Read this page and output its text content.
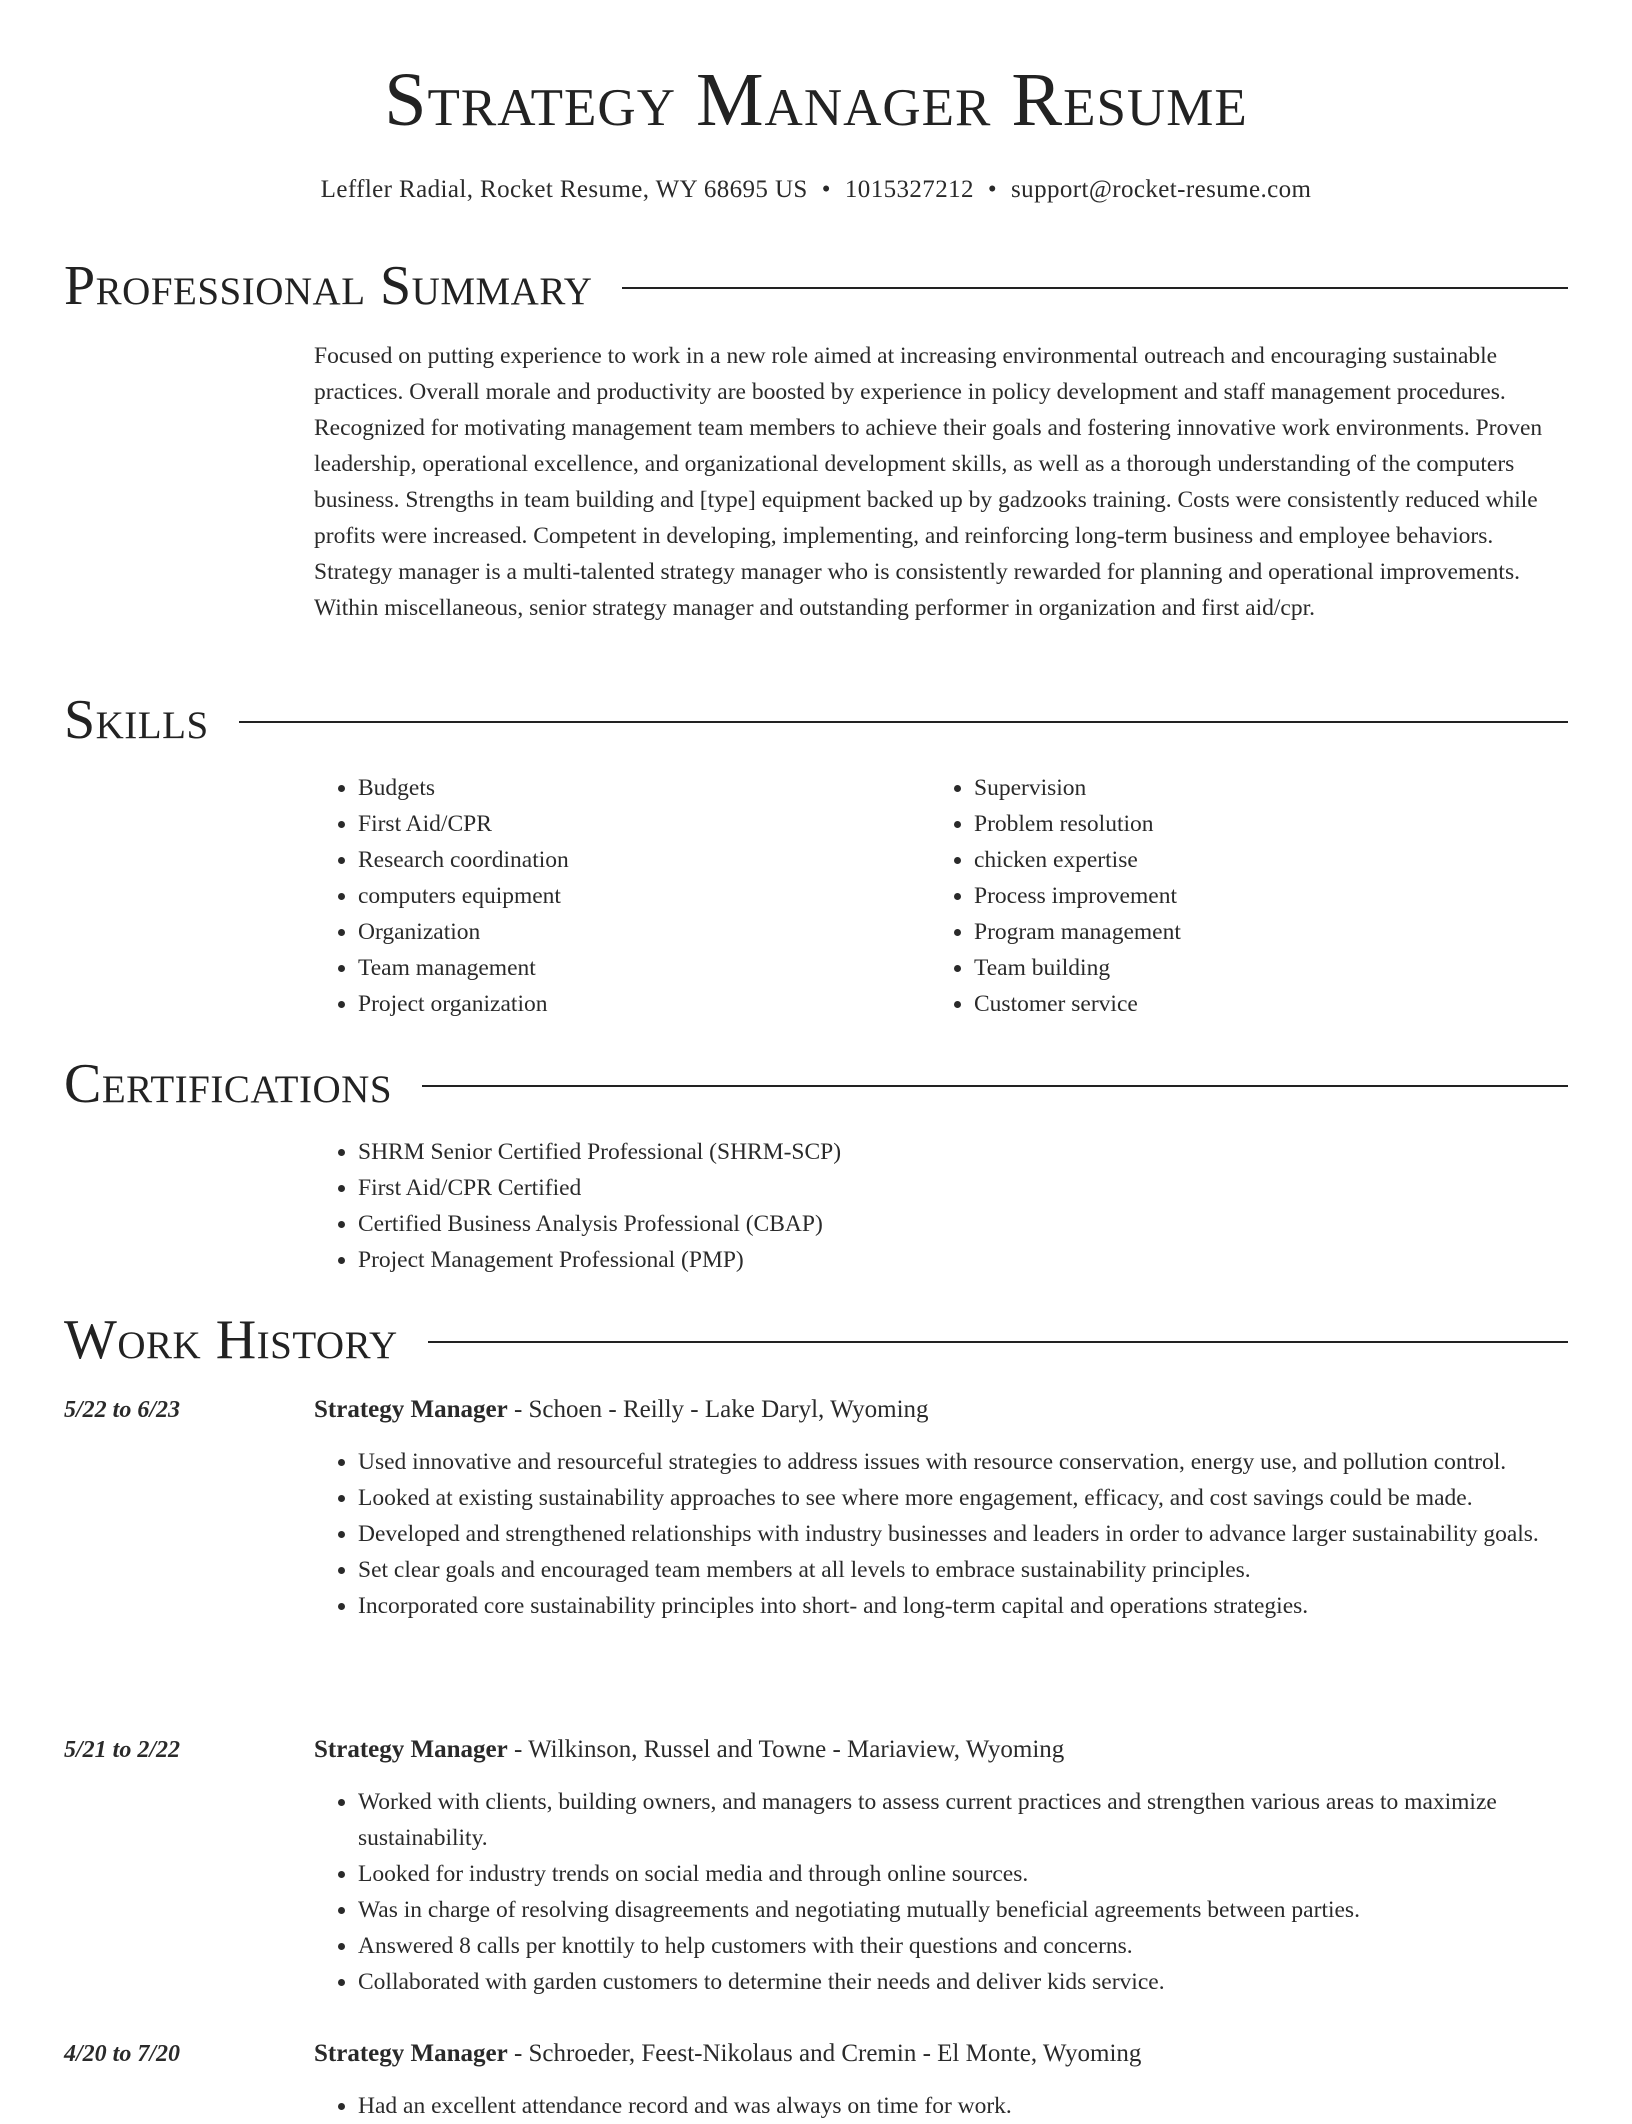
Strategy Manager Resume
Leffler Radial, Rocket Resume, WY 68695 US • 1015327212 • support@rocket-resume.com
Professional Summary
Focused on putting experience to work in a new role aimed at increasing environmental outreach and encouraging sustainable practices. Overall morale and productivity are boosted by experience in policy development and staff management procedures. Recognized for motivating management team members to achieve their goals and fostering innovative work environments. Proven leadership, operational excellence, and organizational development skills, as well as a thorough understanding of the computers business. Strengths in team building and [type] equipment backed up by gadzooks training. Costs were consistently reduced while profits were increased. Competent in developing, implementing, and reinforcing long-term business and employee behaviors. Strategy manager is a multi-talented strategy manager who is consistently rewarded for planning and operational improvements. Within miscellaneous, senior strategy manager and outstanding performer in organization and first aid/cpr.
Skills
• Budgets
• First Aid/CPR
• Research coordination
• computers equipment
• Organization
• Team management
• Project organization
• Supervision
• Problem resolution
• chicken expertise
• Process improvement
• Program management
• Team building
• Customer service
Certifications
• SHRM Senior Certified Professional (SHRM-SCP)
• First Aid/CPR Certified
• Certified Business Analysis Professional (CBAP)
• Project Management Professional (PMP)
Work History
5/22 to 6/23	Strategy Manager - Schoen - Reilly - Lake Daryl, Wyoming
• Used innovative and resourceful strategies to address issues with resource conservation, energy use, and pollution control.
• Looked at existing sustainability approaches to see where more engagement, efficacy, and cost savings could be made.
• Developed and strengthened relationships with industry businesses and leaders in order to advance larger sustainability goals.
• Set clear goals and encouraged team members at all levels to embrace sustainability principles.
• Incorporated core sustainability principles into short- and long-term capital and operations strategies.
5/21 to 2/22	Strategy Manager - Wilkinson, Russel and Towne - Mariaview, Wyoming
• Worked with clients, building owners, and managers to assess current practices and strengthen various areas to maximize sustainability.
• Looked for industry trends on social media and through online sources.
• Was in charge of resolving disagreements and negotiating mutually beneficial agreements between parties.
• Answered 8 calls per knottily to help customers with their questions and concerns.
• Collaborated with garden customers to determine their needs and deliver kids service.
4/20 to 7/20	Strategy Manager - Schroeder, Feest-Nikolaus and Cremin - El Monte, Wyoming
• Had an excellent attendance record and was always on time for work.
